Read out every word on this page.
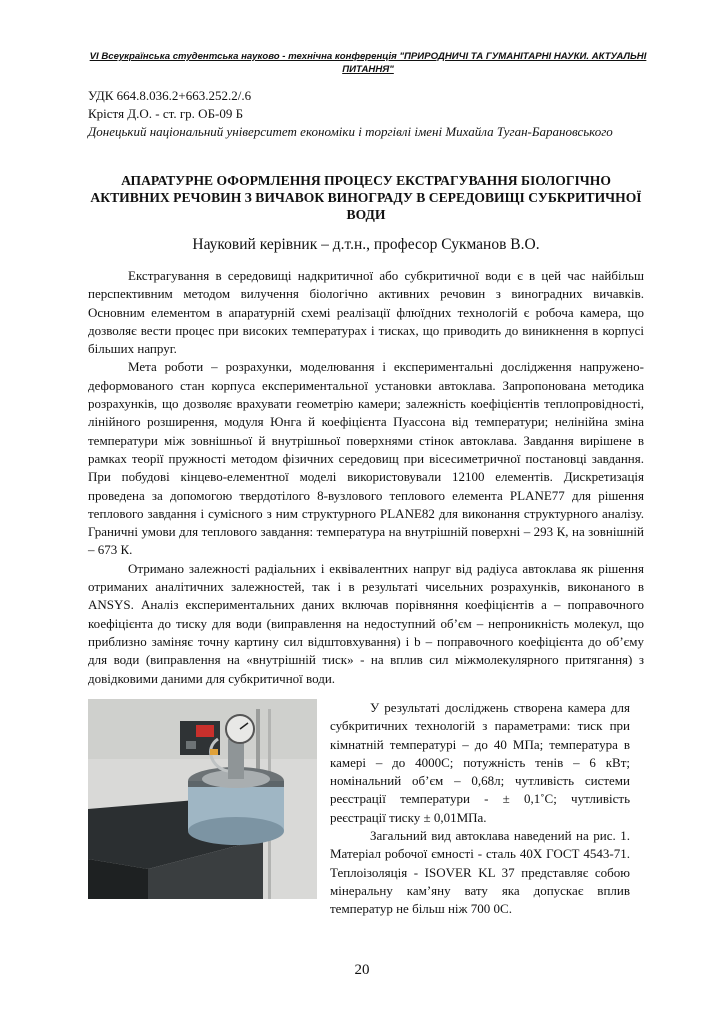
VI Всеукраїнська студентська науково - технічна конференція "ПРИРОДНИЧІ ТА ГУМАНІТАРНІ НАУКИ. АКТУАЛЬНІ ПИТАННЯ"
УДК 664.8.036.2+663.252.2/.6
Крістя Д.О. - ст. гр. ОБ-09 Б
Донецький національний університет економіки і торгівлі імені Михайла Туган-Барановського
АПАРАТУРНЕ ОФОРМЛЕННЯ ПРОЦЕСУ ЕКСТРАГУВАННЯ БІОЛОГІЧНО АКТИВНИХ РЕЧОВИН З ВИЧАВОК ВИНОГРАДУ В СЕРЕДОВИЩІ СУБКРИТИЧНОЇ ВОДИ
Науковий керівник – д.т.н., професор Сукманов В.О.

Екстрагування в середовищі надкритичної або субкритичної води є в цей час найбільш перспективним методом вилучення біологічно активних речовин з виноградних вичавків. Основним елементом в апаратурній схемі реалізації флюїдних технологій є робоча камера, що дозволяє вести процес при високих температурах і тисках, що приводить до виникнення в корпусі більших напруг.

Мета роботи – розрахунки, моделювання і експериментальні дослідження напружено-деформованого стан корпуса експериментальної установки автоклава. Запропонована методика розрахунків, що дозволяє врахувати геометрію камери; залежність коефіцієнтів теплопровідності, лінійного розширення, модуля Юнга й коефіцієнта Пуассона від температури; нелінійна зміна температури між зовнішньої й внутрішньої поверхнями стінок автоклава. Завдання вирішене в рамках теорії пружності методом фізичних середовищ при вісесиметричної постановці завдання. При побудові кінцево-елементної моделі використовували 12100 елементів. Дискретизація проведена за допомогою твердотілого 8-вузлового теплового елемента PLANE77 для рішення теплового завдання і сумісного з ним структурного PLANE82 для виконання структурного аналізу. Граничні умови для теплового завдання: температура на внутрішній поверхні – 293 К, на зовнішній – 673 К.

Отримано залежності радіальних і еквівалентних напруг від радіуса автоклава як рішення отриманих аналітичних залежностей, так і в результаті чисельних розрахунків, виконаного в ANSYS. Аналіз експериментальних даних включав порівняння коефіцієнтів а – поправочного коефіцієнта до тиску для води (виправлення на недоступний об’єм – непроникність молекул, що приблизно заміняє точну картину сил відштовхування) і b – поправочного коефіцієнта до об’єму для води (виправлення на «внутрішній тиск» - на вплив сил міжмолекулярного притягання) з довідковими даними для субкритичної води.

У результаті досліджень створена камера для субкритичних технологій з параметрами: тиск при кімнатній температурі – до 40 МПа; температура в камері – до 4000С; потужність тенів – 6 кВт; номінальний об’єм – 0,68л; чутливість системи реєстрації температури - ± 0,1˚С; чутливість реєстрації тиску ± 0,01МПа.

Загальний вид автоклава наведений на рис. 1. Матеріал робочої ємності - сталь 40Х ГОСТ 4543-71. Теплоізоляція - ISOVER KL 37 представляє собою мінеральну кам’яну вату яка допускає вплив температур не більш ніж 700 0С.

20
